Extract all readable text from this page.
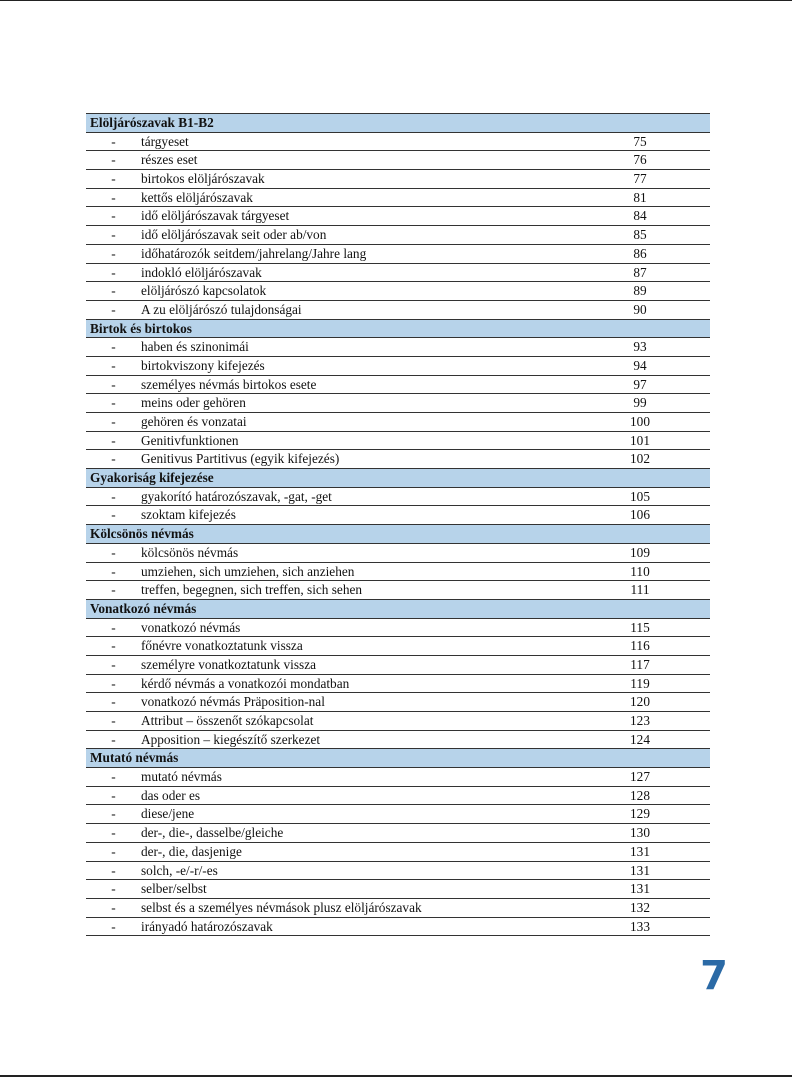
Elöljárószavak B1-B2
-	tárgyeset	75
-	részes eset	76
-	birtokos elöljárószavak	77
-	kettős elöljárószavak	81
-	idő elöljárószavak tárgyeset	84
-	idő elöljárószavak seit oder ab/von	85
-	időhatározók seitdem/jahrelang/Jahre lang	86
-	indokló elöljárószavak	87
-	elöljárószó kapcsolatok	89
-	A zu elöljárószó tulajdonságai	90
Birtok és birtokos
-	haben és szinonimái	93
-	birtokviszony kifejezés	94
-	személyes névmás birtokos esete	97
-	meins oder gehören	99
-	gehören és vonzatai	100
-	Genitivfunktionen	101
-	Genitivus Partitivus (egyik kifejezés)	102
Gyakoriság kifejezése
-	gyakorító határozószavak, -gat, -get	105
-	szoktam kifejezés	106
Kölcsönös névmás
-	kölcsönös névmás	109
-	umziehen, sich umziehen, sich anziehen	110
-	treffen, begegnen, sich treffen, sich sehen	111
Vonatkozó névmás
-	vonatkozó névmás	115
-	főnévre vonatkoztatunk vissza	116
-	személyre vonatkoztatunk vissza	117
-	kérdő névmás a vonatkozói mondatban	119
-	vonatkozó névmás Präposition-nal	120
-	Attribut – összenőt szókapcsolat	123
-	Apposition – kiegészítő szerkezet	124
Mutató névmás
-	mutató névmás	127
-	das oder es	128
-	diese/jene	129
-	der-, die-, dasselbe/gleiche	130
-	der-, die, dasjenige	131
-	solch, -e/-r/-es	131
-	selber/selbst	131
-	selbst és a személyes névmások plusz elöljárószavak	132
-	irányadó határozószavak	133
7
